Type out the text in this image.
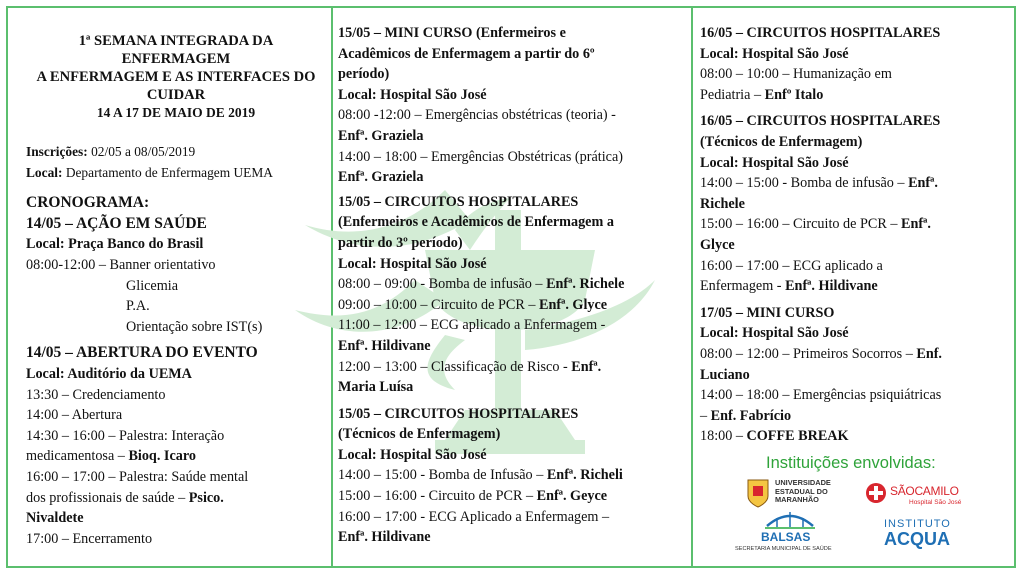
1ª SEMANA INTEGRADA DA ENFERMAGEM

A ENFERMAGEM E AS INTERFACES DO CUIDAR

14 A 17 DE MAIO DE 2019

Inscrições: 02/05 a 08/05/2019

Local: Departamento de Enfermagem UEMA

CRONOGRAMA:

14/05 – AÇÃO EM SAÚDE

Local: Praça Banco do Brasil

08:00-12:00 – Banner orientativo

Glicemia

P.A.

Orientação sobre IST(s)

14/05 – ABERTURA DO EVENTO

Local: Auditório da UEMA

13:30 – Credenciamento

14:00 – Abertura

14:30 – 16:00 – Palestra: Interação

medicamentosa – Bioq. Icaro

16:00 – 17:00 – Palestra: Saúde mental

dos profissionais de saúde – Psico.

Nivaldete

17:00 – Encerramento

15/05 – MINI CURSO (Enfermeiros e

Acadêmicos de Enfermagem a partir do 6º

período)

Local: Hospital São José

08:00 -12:00 – Emergências obstétricas (teoria) -

Enfª. Graziela

14:00 – 18:00 – Emergências Obstétricas (prática)

Enfª. Graziela

15/05 – CIRCUITOS HOSPITALARES

(Enfermeiros e Acadêmicos de Enfermagem a

partir do 3º período)

Local: Hospital São José

08:00 – 09:00 - Bomba de infusão – Enfª. Richele

09:00 – 10:00 – Circuito de PCR – Enfª. Glyce

11:00 – 12:00 – ECG aplicado a Enfermagem -

Enfª. Hildivane

12:00 – 13:00 – Classificação de Risco - Enfª.

Maria Luísa

15/05 – CIRCUITOS HOSPITALARES

(Técnicos de Enfermagem)

Local: Hospital São José

14:00 – 15:00 - Bomba de Infusão – Enfª. Richeli

15:00 – 16:00 - Circuito de PCR – Enfª. Geyce

16:00 – 17:00 - ECG Aplicado a Enfermagem –

Enfª. Hildivane

16/05 – CIRCUITOS HOSPITALARES

Local: Hospital São José

08:00 – 10:00 – Humanização em

Pediatria – Enfº Italo

16/05 – CIRCUITOS HOSPITALARES

(Técnicos de Enfermagem)

Local: Hospital São José

14:00 – 15:00 - Bomba de infusão – Enfª.

Richele

15:00 – 16:00 – Circuito de PCR – Enfª.

Glyce

16:00 – 17:00 – ECG aplicado a

Enfermagem - Enfª. Hildivane

17/05 – MINI CURSO

Local: Hospital São José

08:00 – 12:00 – Primeiros Socorros – Enf.

Luciano

14:00 – 18:00 – Emergências psiquiátricas

– Enf. Fabrício

18:00 – COFFE BREAK

Instituições envolvidas:
UNIVERSIDADE
ESTADUAL DO
MARANHÃO
SÃOCAMILO
Hospital São José
BALSAS
SECRETARIA MUNICIPAL DE SAÚDE
INSTITUTO
ACQUA
